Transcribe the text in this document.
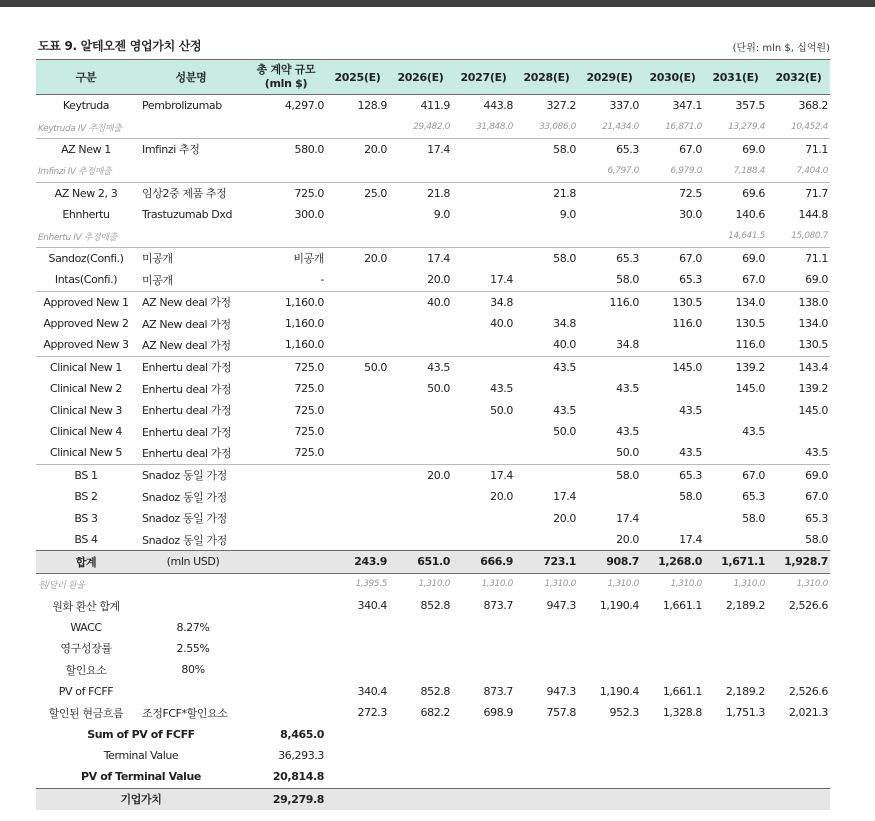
도표 9. 알테오젠 영업가치 산정	(단위: mln $, 십억원)
구분	성분명	총 계약 규모 (mln $)	2025(E)	2026(E)	2027(E)	2028(E)	2029(E)	2030(E)	2031(E)	2032(E)
Keytruda	Pembrolizumab	4,297.0	128.9	411.9	443.8	327.2	337.0	347.1	357.5	368.2
Keytruda IV 추정매출				29,482.0	31,848.0	33,086.0	21,434.0	16,871.0	13,279.4	10,452.4
AZ New 1	Imfinzi 추정	580.0	20.0	17.4		58.0	65.3	67.0	69.0	71.1
Imfinzi IV 추정매출							6,797.0	6,979.0	7,188.4	7,404.0
AZ New 2, 3	임상2중 제품 추정	725.0	25.0	21.8		21.8		72.5	69.6	71.7
Ehnhertu	Trastuzumab Dxd	300.0		9.0		9.0		30.0	140.6	144.8
Enhertu IV 추정매출									14,641.5	15,080.7
Sandoz(Confi.)	미공개	비공개	20.0	17.4		58.0	65.3	67.0	69.0	71.1
Intas(Confi.)	미공개	-		20.0	17.4		58.0	65.3	67.0	69.0
Approved New 1	AZ New deal 가정	1,160.0		40.0	34.8		116.0	130.5	134.0	138.0
Approved New 2	AZ New deal 가정	1,160.0			40.0	34.8		116.0	130.5	134.0
Approved New 3	AZ New deal 가정	1,160.0				40.0	34.8		116.0	130.5
Clinical New 1	Enhertu deal 가정	725.0	50.0	43.5		43.5		145.0	139.2	143.4
Clinical New 2	Enhertu deal 가정	725.0		50.0	43.5		43.5		145.0	139.2
Clinical New 3	Enhertu deal 가정	725.0			50.0	43.5		43.5		145.0
Clinical New 4	Enhertu deal 가정	725.0				50.0	43.5		43.5	
Clinical New 5	Enhertu deal 가정	725.0					50.0	43.5		43.5
BS 1	Snadoz 동일 가정			20.0	17.4		58.0	65.3	67.0	69.0
BS 2	Snadoz 동일 가정				20.0	17.4		58.0	65.3	67.0
BS 3	Snadoz 동일 가정					20.0	17.4		58.0	65.3
BS 4	Snadoz 동일 가정						20.0	17.4		58.0
합계	(mln USD)		243.9	651.0	666.9	723.1	908.7	1,268.0	1,671.1	1,928.7
원/달러 환율			1,395.5	1,310.0	1,310.0	1,310.0	1,310.0	1,310.0	1,310.0	1,310.0
원화 환산 합계			340.4	852.8	873.7	947.3	1,190.4	1,661.1	2,189.2	2,526.6
WACC	8.27%									
영구성장률	2.55%									
할인요소	80%									
PV of FCFF			340.4	852.8	873.7	947.3	1,190.4	1,661.1	2,189.2	2,526.6
할인된 현금흐름	조정FCF*할인요소		272.3	682.2	698.9	757.8	952.3	1,328.8	1,751.3	2,021.3
Sum of PV of FCFF		8,465.0								
Terminal Value		36,293.3								
PV of Terminal Value		20,814.8								
기업가치		29,279.8								
